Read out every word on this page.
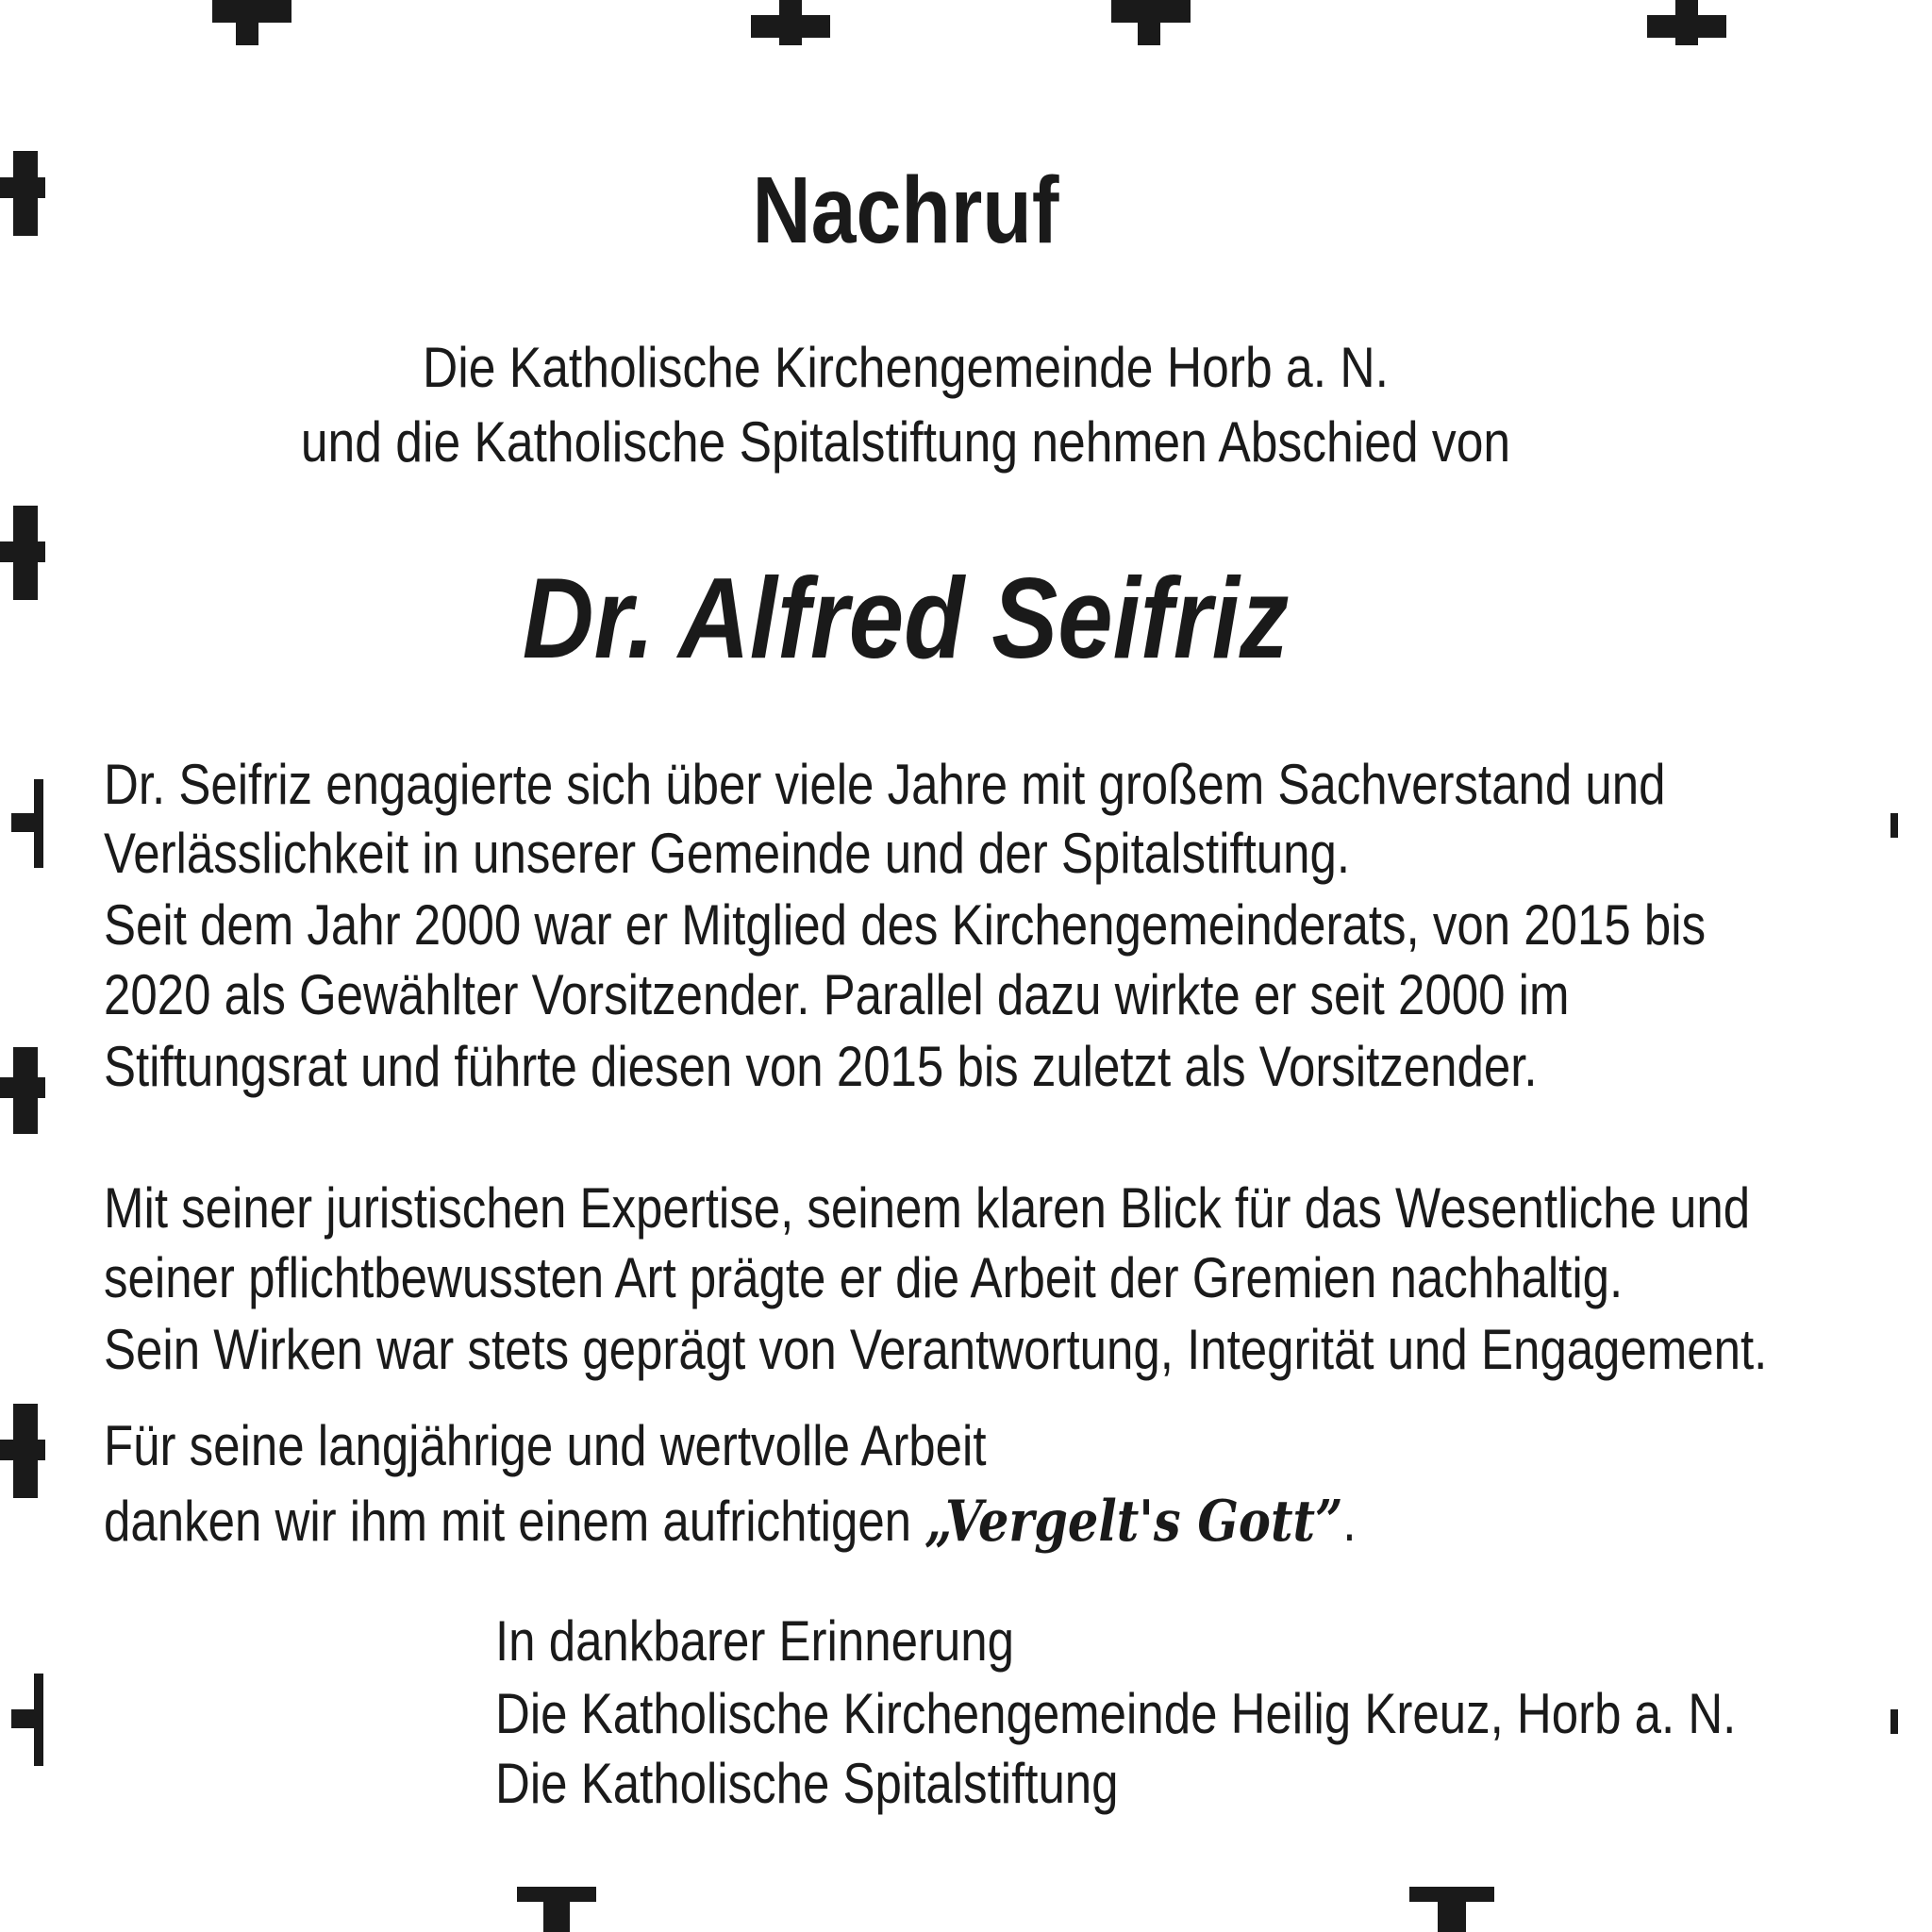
Nachruf
Die Katholische Kirchengemeinde Horb a. N.
und die Katholische Spitalstiftung nehmen Abschied von
Dr. Alfred Seifriz
Dr. Seifriz engagierte sich über viele Jahre mit großem Sachverstand und
Verlässlichkeit in unserer Gemeinde und der Spitalstiftung.
Seit dem Jahr 2000 war er Mitglied des Kirchengemeinderats, von 2015 bis
2020 als Gewählter Vorsitzender. Parallel dazu wirkte er seit 2000 im
Stiftungsrat und führte diesen von 2015 bis zuletzt als Vorsitzender.
Mit seiner juristischen Expertise, seinem klaren Blick für das Wesentliche und
seiner pflichtbewussten Art prägte er die Arbeit der Gremien nachhaltig.
Sein Wirken war stets geprägt von Verantwortung, Integrität und Engagement.
Für seine langjährige und wertvolle Arbeit
danken wir ihm mit einem aufrichtigen „Vergelt's Gott”.
In dankbarer Erinnerung
Die Katholische Kirchengemeinde Heilig Kreuz, Horb a. N.
Die Katholische Spitalstiftung
